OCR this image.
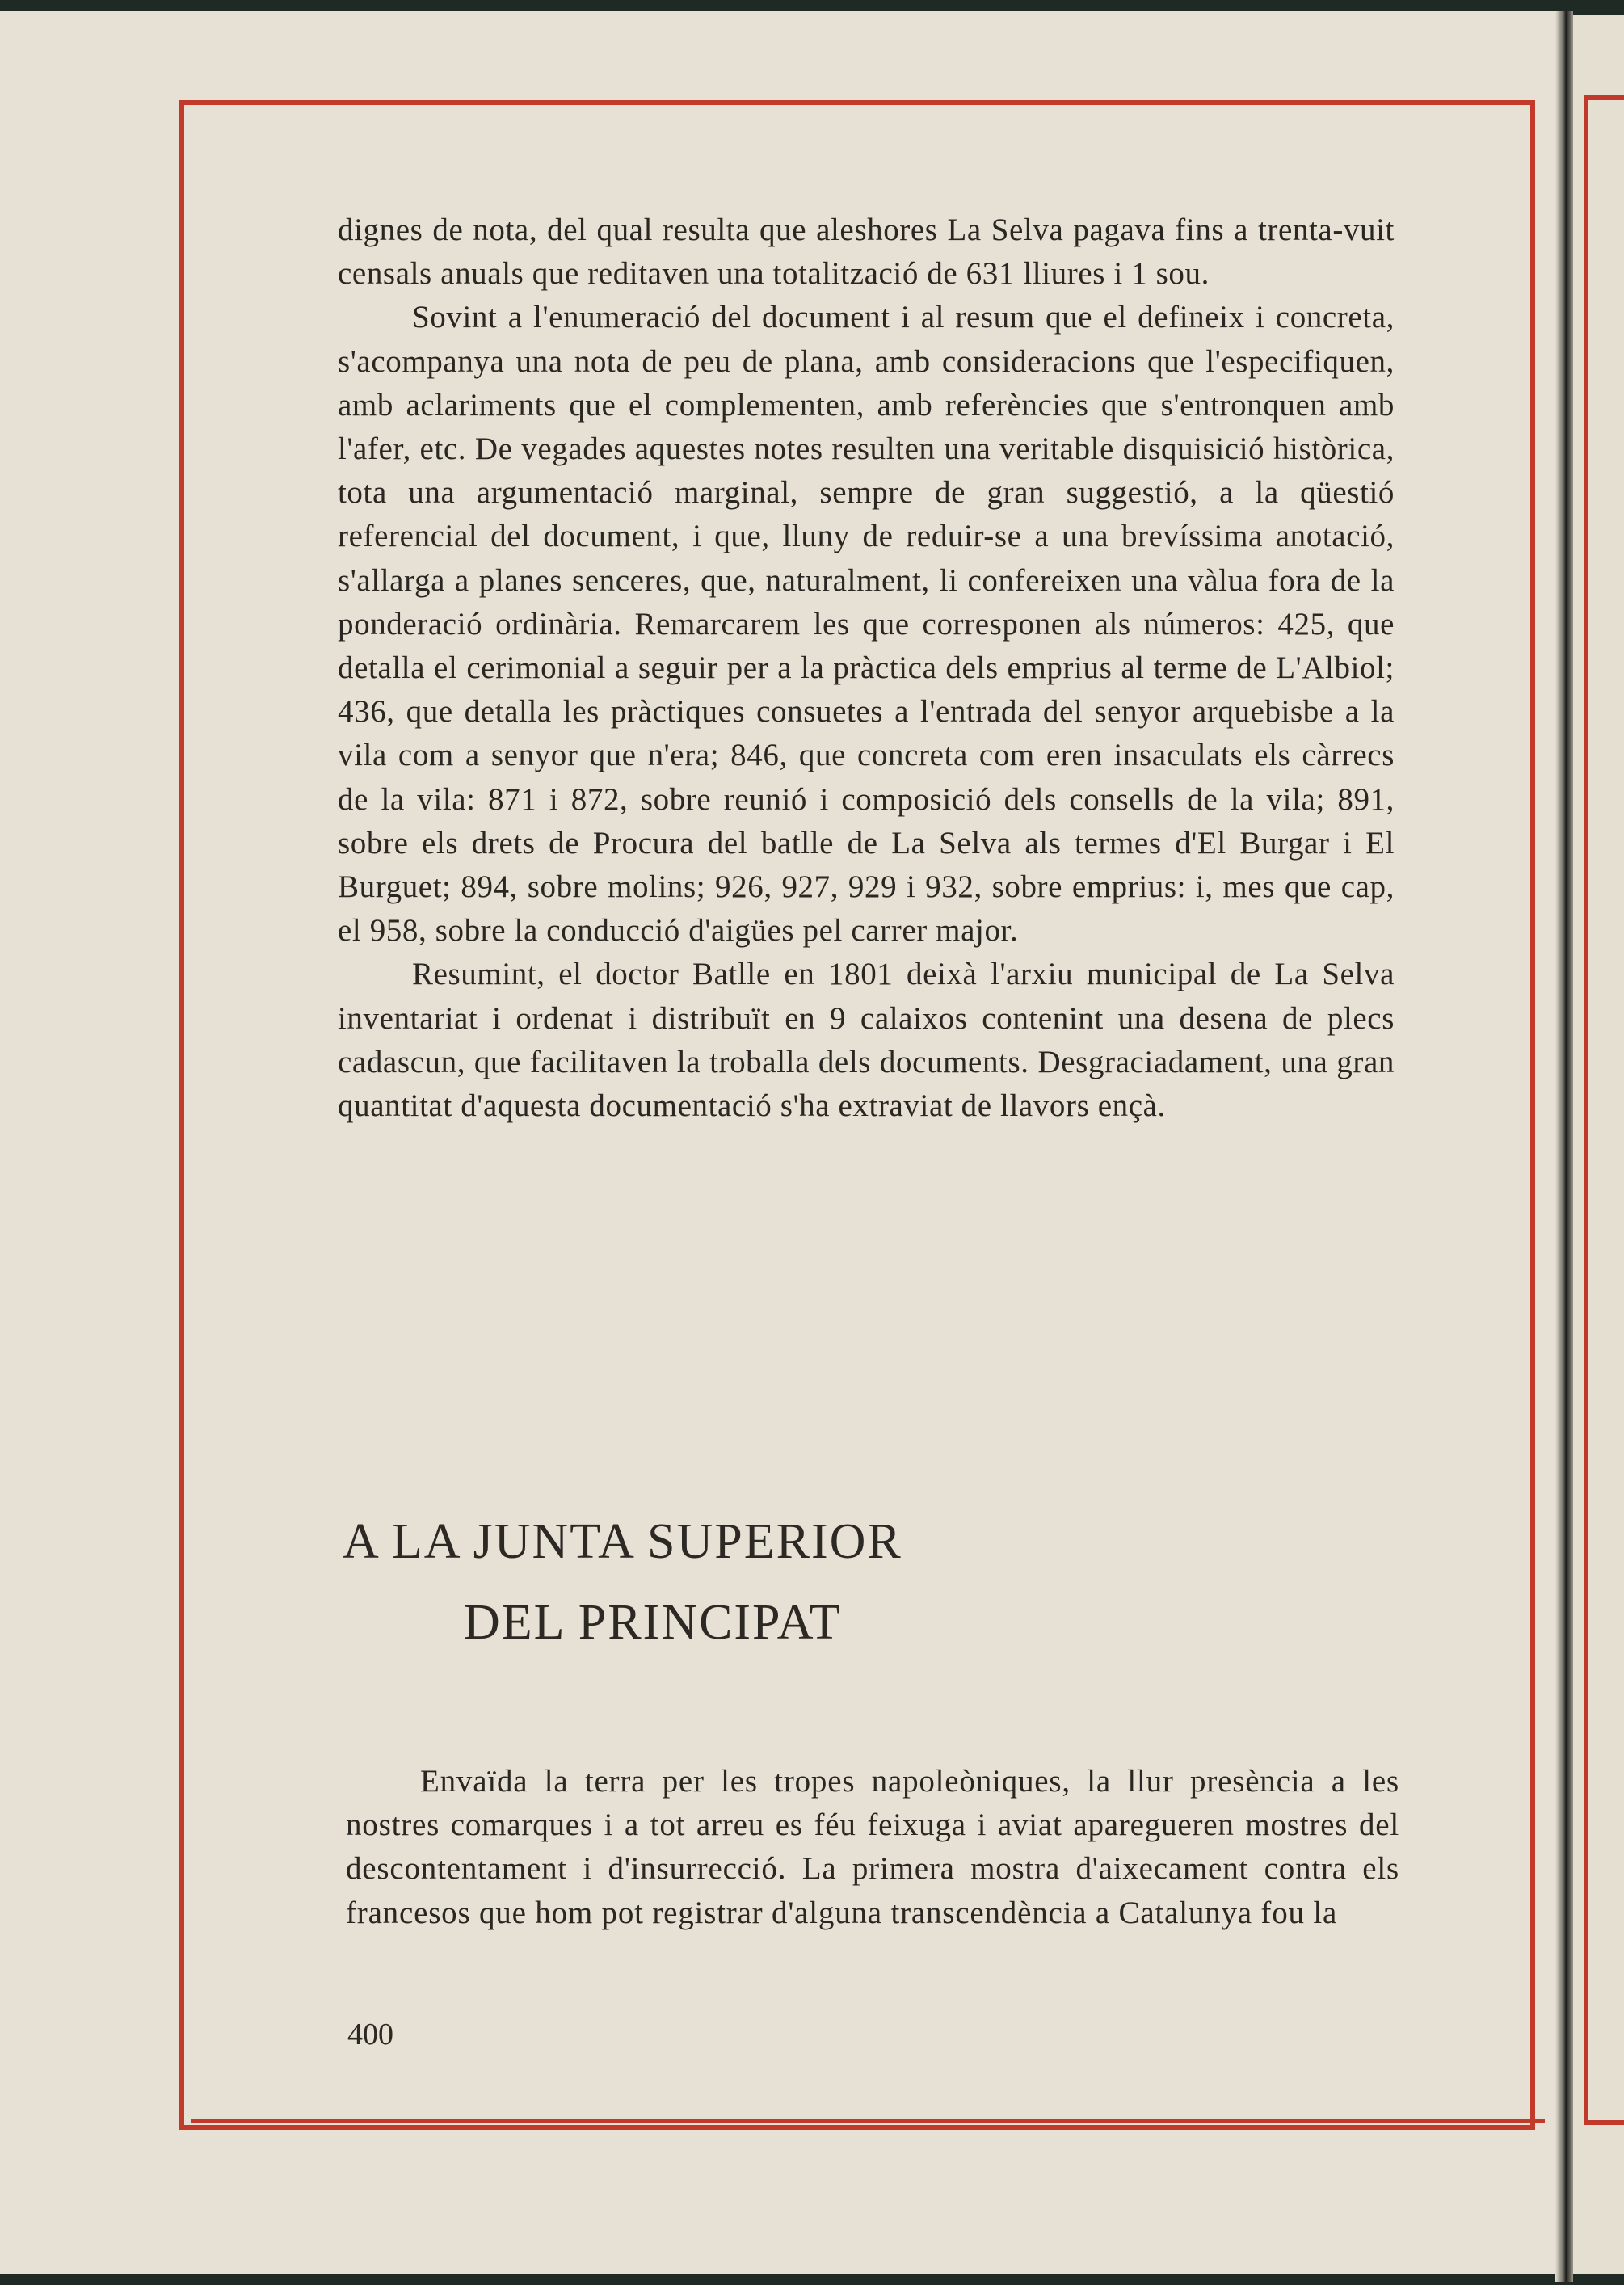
dignes de nota, del qual resulta que aleshores La Selva pagava fins a trenta-vuit censals anuals que reditaven una totalització de 631 lliures i 1 sou.

Sovint a l'enumeració del document i al resum que el defineix i concreta, s'acompanya una nota de peu de plana, amb consideracions que l'especifiquen, amb aclariments que el complementen, amb referències que s'entronquen amb l'afer, etc. De vegades aquestes notes resulten una veritable disquisició històrica, tota una argumentació marginal, sempre de gran suggestió, a la qüestió referencial del document, i que, lluny de reduir-se a una brevíssima anotació, s'allarga a planes senceres, que, naturalment, li confereixen una vàlua fora de la ponderació ordinària. Remarcarem les que corresponen als números: 425, que detalla el cerimonial a seguir per a la pràctica dels emprius al terme de L'Albiol; 436, que detalla les pràctiques consuetes a l'entrada del senyor arquebisbe a la vila com a senyor que n'era; 846, que concreta com eren insaculats els càrrecs de la vila: 871 i 872, sobre reunió i composició dels consells de la vila; 891, sobre els drets de Procura del batlle de La Selva als termes d'El Burgar i El Burguet; 894, sobre molins; 926, 927, 929 i 932, sobre emprius: i, mes que cap, el 958, sobre la conducció d'aigües pel carrer major.

Resumint, el doctor Batlle en 1801 deixà l'arxiu municipal de La Selva inventariat i ordenat i distribuït en 9 calaixos contenint una desena de plecs cadascun, que facilitaven la troballa dels documents. Desgraciadament, una gran quantitat d'aquesta documentació s'ha extraviat de llavors ençà.

A LA JUNTA SUPERIOR
DEL PRINCIPAT

Envaïda la terra per les tropes napoleòniques, la llur presència a les nostres comarques i a tot arreu es féu feixuga i aviat aparegueren mostres del descontentament i d'insurrecció. La primera mostra d'aixecament contra els francesos que hom pot registrar d'alguna transcendència a Catalunya fou la

400
